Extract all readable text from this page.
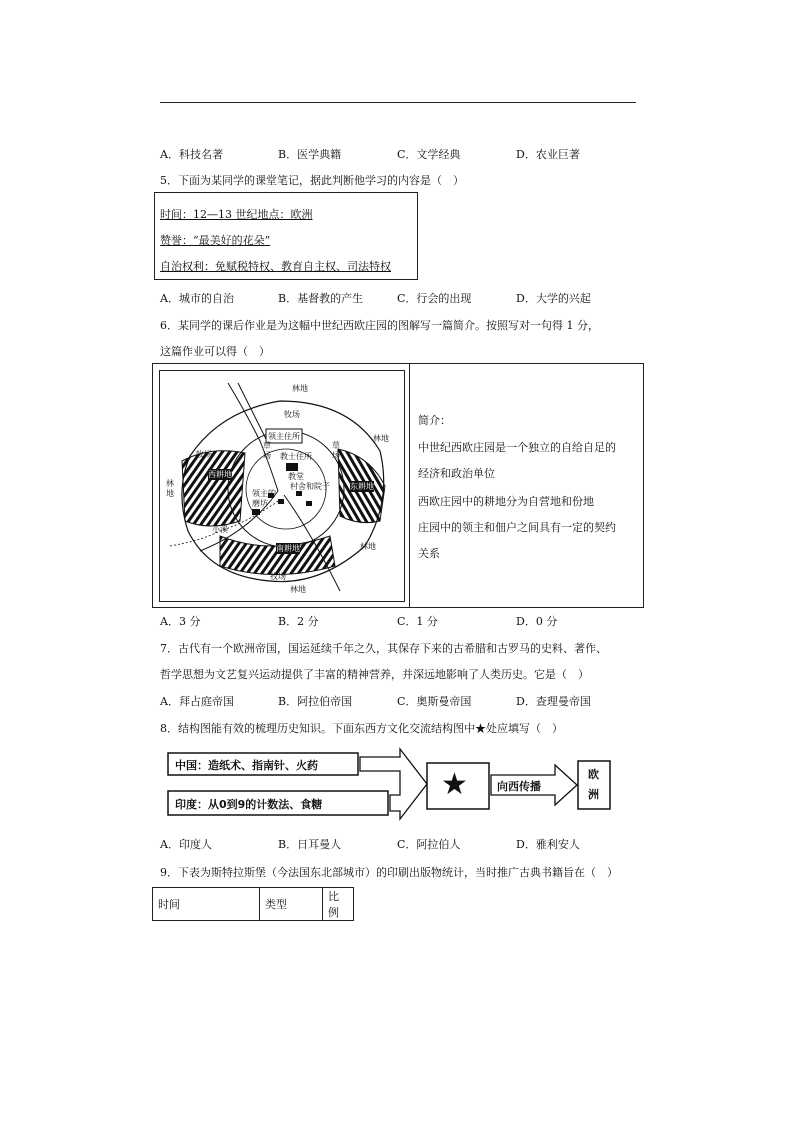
A．科技名著	B．医学典籍	C．文学经典	D．农业巨著
5．下面为某同学的课堂笔记，据此判断他学习的内容是（　）
时间：12—13 世纪地点：欧洲
赞誉：“最美好的花朵”
自治权利：免赋税特权、教育自主权、司法特权
A．城市的自治	B．基督教的产生	C．行会的出现	D．大学的兴起
6．某同学的课后作业是为这幅中世纪西欧庄园的图解写一篇简介。按照写对一句得 1 分，
这篇作业可以得（　）
林地
牧场
领主住所
教士住所
教堂
林地
牧场
西耕地
东耕地
林地	领主的磨坊
村舍和院子
小溪
南耕地	林地
牧场
林地
草场
草场
简介：
中世纪西欧庄园是一个独立的自给自足的
经济和政治单位
西欧庄园中的耕地分为自营地和份地
庄园中的领主和佃户之间具有一定的契约
关系
A．3 分	B．2 分	C．1 分	D．0 分
7．古代有一个欧洲帝国，国运延续千年之久，其保存下来的古希腊和古罗马的史料、著作、
哲学思想为文艺复兴运动提供了丰富的精神营养，并深远地影响了人类历史。它是（　）
A．拜占庭帝国	B．阿拉伯帝国	C．奥斯曼帝国	D．查理曼帝国
8．结构图能有效的梳理历史知识。下面东西方文化交流结构图中★处应填写（　）
中国：造纸术、指南针、火药
印度：从0到9的计数法、食糖
★	向西传播
欧洲
A．印度人	B．日耳曼人	C．阿拉伯人	D．雅利安人
9．下表为斯特拉斯堡（今法国东北部城市）的印刷出版物统计，当时推广古典书籍旨在（　）
时间	类型	比例
